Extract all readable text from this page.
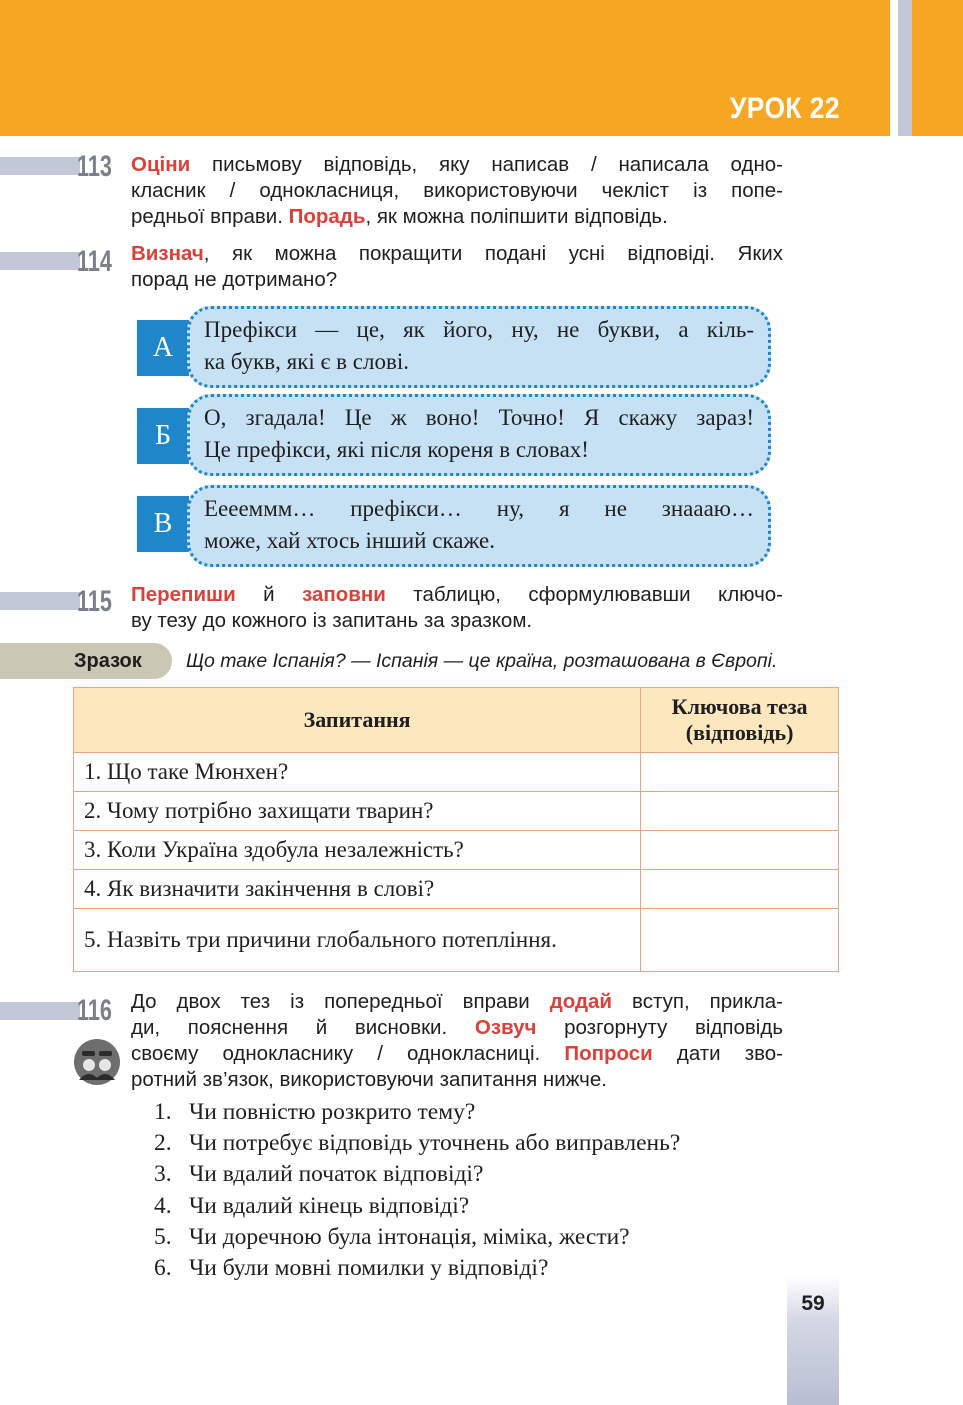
УРОК 22
113 Оціни письмову відповідь, яку написав / написала одно-
класник / однокласниця, використовуючи чекліст із попе-
редньої вправи. Порадь, як можна поліпшити відповідь.
114 Визнач, як можна покращити подані усні відповіді. Яких
порад не дотримано?
А
Префікси — це, як його, ну, не букви, а кіль-
ка букв, які є в слові.
Б
О, згадала! Це ж воно! Точно! Я скажу зараз!
Це префікси, які після кореня в словах!
В	Ееееммм… префікси… ну, я не знаааю…
може, хай хтось інший скаже.
115 Перепиши й заповни таблицю, сформулювавши ключо-
ву тезу до кожного із запитань за зразком.
Зразок Що таке Іспанія? — Іспанія — це країна, розташована в Європі.
Запитання	Ключова теза
(відповідь)
1. Що таке Мюнхен?	
2. Чому потрібно захищати тварин?	
3. Коли Україна здобула незалежність?	
4. Як визначити закінчення в слові?	

5. Назвіть три причини глобального потепління.	

116 До двох тез із попередньої вправи додай вступ, прикла-
ди, пояснення й висновки. Озвуч розгорнуту відповідь
своєму однокласнику / однокласниці. Попроси дати зво-
ротний зв’язок, використовуючи запитання нижче.
1. Чи повністю розкрито тему?
2. Чи потребує відповідь уточнень або виправлень?
3. Чи вдалий початок відповіді?
4. Чи вдалий кінець відповіді?
5. Чи доречною була інтонація, міміка, жести?
6. Чи були мовні помилки у відповіді?
59
